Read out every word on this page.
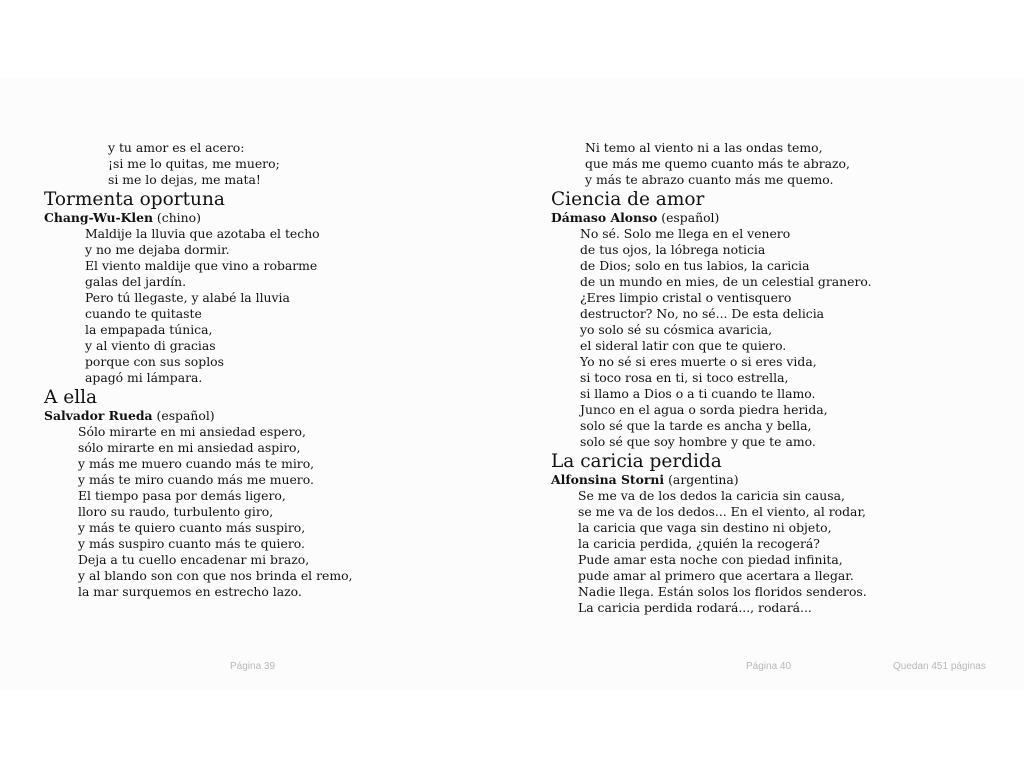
y tu amor es el acero:
¡si me lo quitas, me muero;
si me lo dejas, me mata!
Tormenta oportuna
Chang-Wu-Klen (chino)
Maldije la lluvia que azotaba el techo
y no me dejaba dormir.
El viento maldije que vino a robarme
galas del jardín.
Pero tú llegaste, y alabé la lluvia
cuando te quitaste
la empapada túnica,
y al viento di gracias
porque con sus soplos
apagó mi lámpara.
A ella
Salvador Rueda (español)
Sólo mirarte en mi ansiedad espero,
sólo mirarte en mi ansiedad aspiro,
y más me muero cuando más te miro,
y más te miro cuando más me muero.
El tiempo pasa por demás ligero,
lloro su raudo, turbulento giro,
y más te quiero cuanto más suspiro,
y más suspiro cuanto más te quiero.
Deja a tu cuello encadenar mi brazo,
y al blando son con que nos brinda el remo,
la mar surquemos en estrecho lazo.
Ni temo al viento ni a las ondas temo,
que más me quemo cuanto más te abrazo,
y más te abrazo cuanto más me quemo.
Ciencia de amor
Dámaso Alonso (español)
No sé. Solo me llega en el venero
de tus ojos, la lóbrega noticia
de Dios; solo en tus labios, la caricia
de un mundo en mies, de un celestial granero.
¿Eres limpio cristal o ventisquero
destructor? No, no sé... De esta delicia
yo solo sé su cósmica avaricia,
el sideral latir con que te quiero.
Yo no sé si eres muerte o si eres vida,
si toco rosa en ti, si toco estrella,
si llamo a Dios o a ti cuando te llamo.
Junco en el agua o sorda piedra herida,
solo sé que la tarde es ancha y bella,
solo sé que soy hombre y que te amo.
La caricia perdida
Alfonsina Storni (argentina)
Se me va de los dedos la caricia sin causa,
se me va de los dedos... En el viento, al rodar,
la caricia que vaga sin destino ni objeto,
la caricia perdida, ¿quién la recogerá?
Pude amar esta noche con piedad infinita,
pude amar al primero que acertara a llegar.
Nadie llega. Están solos los floridos senderos.
La caricia perdida rodará..., rodará...
Página 39	Página 40	Quedan 451 páginas
